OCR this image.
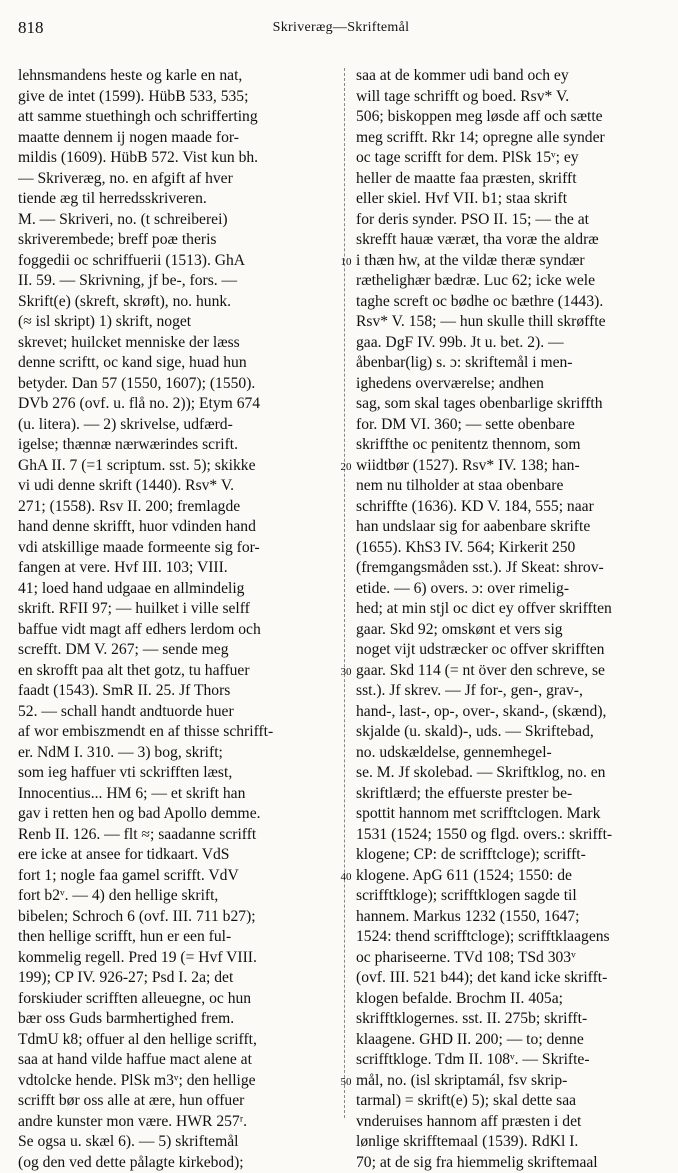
818	Skriveræg—Skriftemål
lehnsmandens heste og karle en nat,
give de intet (1599). HübB 533, 535;
att samme stuethingh och schrifferting
maatte dennem ij nogen maade for-
mildis (1609). HübB 572. Vist kun bh.
— Skriveræg, no. en afgift af hver
tiende æg til herredsskriveren.
M. — Skriveri, no. (t schreiberei)
skriverembede; breff poæ theris
foggedii oc schriffuerii (1513). GhA
II. 59. — Skrivning, jf be-, fors. —
Skrift(e) (skreft, skrøft), no. hunk.
(≈ isl skript) 1) skrift, noget
skrevet; huilcket menniske der læss
denne scriftt, oc kand sige, huad hun
betyder. Dan 57 (1550, 1607); (1550).
DVb 276 (ovf. u. flå no. 2)); Etym 674
(u. litera). — 2) skrivelse, udfærd-
igelse; thænnæ nærwærindes scrift.
GhA II. 7 (=1 scriptum. sst. 5); skikke
vi udi denne skrift (1440). Rsv* V.
271; (1558). Rsv II. 200; fremlagde
hand denne skrifft, huor vdinden hand
vdi atskillige maade formeente sig for-
fangen at vere. Hvf III. 103; VIII.
41; loed hand udgaae en allmindelig
skrift. RFII 97; — huilket i ville selff
baffue vidt magt aff edhers lerdom och
screfft. DM V. 267; — sende meg
en skrofft paa alt thet gotz, tu haffuer
faadt (1543). SmR II. 25. Jf Thors
52. — schall handt andtuorde huer
af wor embiszmendt en af thisse schrifft-
er. NdM I. 310. — 3) bog, skrift;
som ieg haffuer vti sckrifften læst,
Innocentius... HM 6; — et skrift han
gav i retten hen og bad Apollo demme.
Renb II. 126. — flt ≈; saadanne scrifft
ere icke at ansee for tidkaart. VdS
fort 1; nogle faa gamel scrifft. VdV
fort b2ᵛ. — 4) den hellige skrift,
bibelen; Schroch 6 (ovf. III. 711 b27);
then hellige scrifft, hun er een ful-
kommelig regell. Pred 19 (= Hvf VIII.
199); CP IV. 926-27; Psd I. 2a; det
forskiuder scrifften alleuegne, oc hun
bær oss Guds barmhertighed frem.
TdmU k8; offuer al den hellige scrifft,
saa at hand vilde haffue mact alene at
vdtolcke hende. PlSk m3ᵛ; den hellige
scrifft bør oss alle at ære, hun offuer
andre kunster mon være. HWR 257ʳ.
Se ogsa u. skæl 6). — 5) skriftemål
(og den ved dette pålagte kirkebod);
saa at de kommer udi band och ey
will tage schrifft og boed. Rsv* V.
506; biskoppen meg løsde aff och sætte
meg scrifft. Rkr 14; opregne alle synder
oc tage scrifft for dem. PlSk 15ᵛ; ey
heller de maatte faa præsten, skrifft
eller skiel. Hvf VII. b1; staa skrift
for deris synder. PSO II. 15; — the at
skrefft hauæ væræt, tha voræ the aldræ
i thæn hw, at the vildæ theræ syndær
ræthelighær bædræ. Luc 62; icke wele
taghe screft oc bødhe oc bæthre (1443).
Rsv* V. 158; — hun skulle thill skrøffte
gaa. DgF IV. 99b. Jt u. bet. 2). —
åbenbar(lig) s. ɔ: skriftemål i men-
ighedens overværelse; andhen
sag, som skal tages obenbarlige skriffth
for. DM VI. 360; — sette obenbare
skriffthe oc penitentz thennom, som
wiidtbør (1527). Rsv* IV. 138; han-
nem nu tilholder at staa obenbare
schriffte (1636). KD V. 184, 555; naar
han undslaar sig for aabenbare skrifte
(1655). KhS3 IV. 564; Kirkerit 250
(fremgangsmåden sst.). Jf Skeat: shrov-
etide. — 6) overs. ɔ: over rimelig-
hed; at min stjl oc dict ey offver skrifften
gaar. Skd 92; omskønt et vers sig
noget vijt udstræcker oc offver skrifften
gaar. Skd 114 (= nt över den schreve, se
sst.). Jf skrev. — Jf for-, gen-, grav-,
hand-, last-, op-, over-, skand-, (skænd),
skjalde (u. skald)-, uds. — Skriftebad,
no. udskældelse, gennemhegel-
se. M. Jf skolebad. — Skriftklog, no. en
skriftlærd; the effuerste prester be-
spottit hannom met scrifftclogen. Mark
1531 (1524; 1550 og flgd. overs.: skrifft-
klogene; CP: de scrifftcloge); scrifft-
klogene. ApG 611 (1524; 1550: de
scrifftkloge); scrifftklogen sagde til
hannem. Markus 1232 (1550, 1647;
1524: thend scrifftcloge); scrifftklaagens
oc phariseerne. TVd 108; TSd 303ᵛ
(ovf. III. 521 b44); det kand icke skrifft-
klogen befalde. Brochm II. 405a;
skrifftklogernes. sst. II. 275b; skrifft-
klaagene. GHD II. 200; — to; denne
scrifftkloge. Tdm II. 108ᵛ. — Skrifte-
mål, no. (isl skriptamál, fsv skrip-
tarmal) = skrift(e) 5); skal dette saa
vnderuises hannom aff præsten i det
lønlige skrifftemaal (1539). RdKl I.
70; at de sig fra hiemmelig skriftemaal
10
20
30
40
50
